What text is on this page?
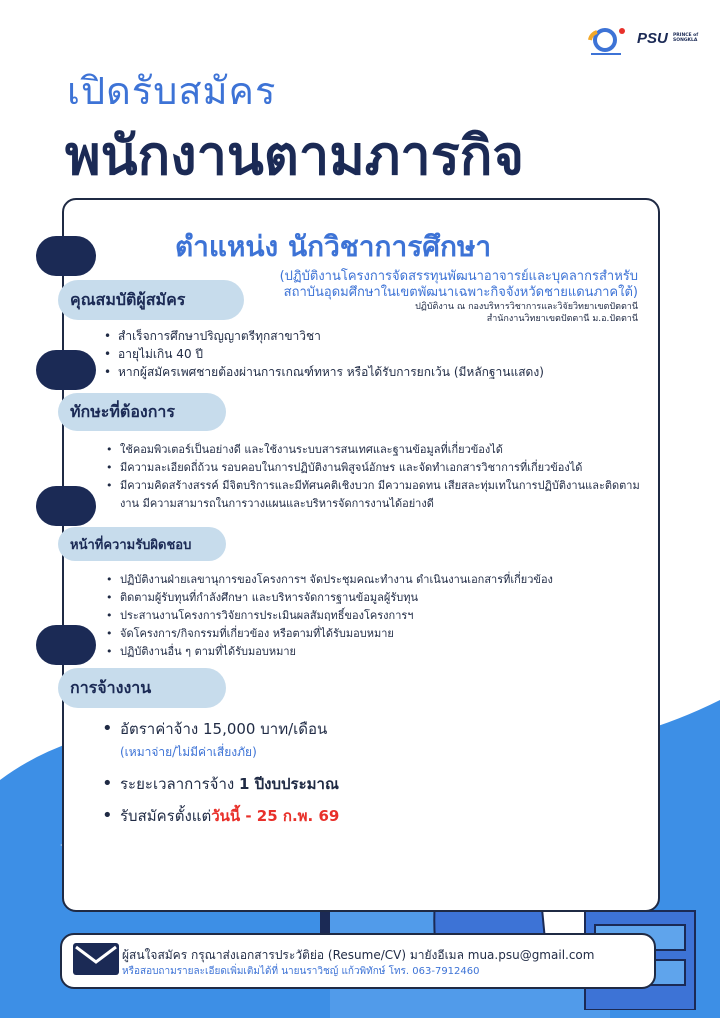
เปิดรับสมัคร
พนักงานตามภารกิจ
PSU PRINCE of SONGKLA
ตำแหน่ง นักวิชาการศึกษา
(ปฏิบัติงานโครงการจัดสรรทุนพัฒนาอาจารย์และบุคลากรสำหรับ
สถาบันอุดมศึกษาในเขตพัฒนาเฉพาะกิจจังหวัดชายแดนภาคใต้)
ปฏิบัติงาน ณ กองบริหารวิชาการและวิจัยวิทยาเขตปัตตานี
สำนักงานวิทยาเขตปัตตานี ม.อ.ปัตตานี
คุณสมบัติผู้สมัคร
• สำเร็จการศึกษาปริญญาตรีทุกสาขาวิชา
• อายุไม่เกิน 40 ปี
• หากผู้สมัครเพศชายต้องผ่านการเกณฑ์ทหาร หรือได้รับการยกเว้น (มีหลักฐานแสดง)
ทักษะที่ต้องการ
• ใช้คอมพิวเตอร์เป็นอย่างดี และใช้งานระบบสารสนเทศและฐานข้อมูลที่เกี่ยวข้องได้
• มีความละเอียดถี่ถ้วน รอบคอบในการปฏิบัติงานพิสูจน์อักษร และจัดทำเอกสารวิชาการที่เกี่ยวข้องได้
• มีความคิดสร้างสรรค์ มีจิตบริการและมีทัศนคติเชิงบวก มีความอดทน เสียสละทุ่มเทในการปฏิบัติงานและติดตามงาน มีความสามารถในการวางแผนและบริหารจัดการงานได้อย่างดี
หน้าที่ความรับผิดชอบ
• ปฏิบัติงานฝ่ายเลขานุการของโครงการฯ จัดประชุมคณะทำงาน ดำเนินงานเอกสารที่เกี่ยวข้อง
• ติดตามผู้รับทุนที่กำลังศึกษา และบริหารจัดการฐานข้อมูลผู้รับทุน
• ประสานงานโครงการวิจัยการประเมินผลสัมฤทธิ์ของโครงการฯ
• จัดโครงการ/กิจกรรมที่เกี่ยวข้อง หรือตามที่ได้รับมอบหมาย
• ปฏิบัติงานอื่น ๆ ตามที่ได้รับมอบหมาย
การจ้างงาน
• อัตราค่าจ้าง 15,000 บาท/เดือน
(เหมาจ่าย/ไม่มีค่าเสี่ยงภัย)
• ระยะเวลาการจ้าง 1 ปีงบประมาณ
• รับสมัครตั้งแต่วันนี้ - 25 ก.พ. 69
ผู้สนใจสมัคร กรุณาส่งเอกสารประวัติย่อ (Resume/CV) มายังอีเมล mua.psu@gmail.com
หรือสอบถามรายละเอียดเพิ่มเติมได้ที่ นายนราวิชญ์ แก้วพิทักษ์ โทร. 063-7912460
